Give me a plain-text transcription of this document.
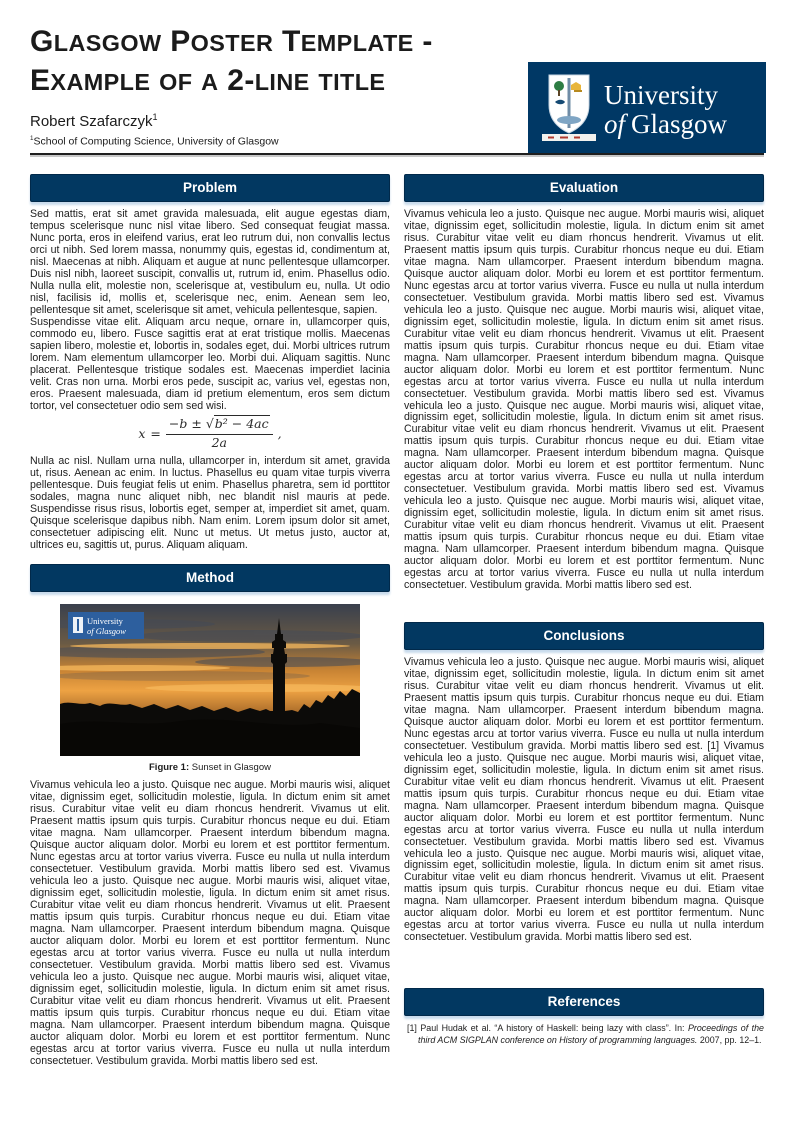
GLASGOW POSTER TEMPLATE -
EXAMPLE OF A 2-LINE TITLE
Robert Szafarczyk$^1$
$^1$School of Computing Science, University of Glasgow
University
of Glasgow
Problem

Sed mattis, erat sit amet gravida malesuada, elit augue egestas diam, tempus scelerisque nunc nisl vitae libero. Sed consequat feugiat massa. Nunc porta, eros in eleifend varius, erat leo rutrum dui, non convallis lectus orci ut nibh. Sed lorem massa, nonummy quis, egestas id, condimentum at, nisl. Maecenas at nibh. Aliquam et augue at nunc pellentesque ullamcorper. Duis nisl nibh, laoreet suscipit, convallis ut, rutrum id, enim. Phasellus odio. Nulla nulla elit, molestie non, scelerisque at, vestibulum eu, nulla. Ut odio nisl, facilisis id, mollis et, scelerisque nec, enim. Aenean sem leo, pellentesque sit amet, scelerisque sit amet, vehicula pellentesque, sapien.

Suspendisse vitae elit. Aliquam arcu neque, ornare in, ullamcorper quis, commodo eu, libero. Fusce sagittis erat at erat tristique mollis. Maecenas sapien libero, molestie et, lobortis in, sodales eget, dui. Morbi ultrices rutrum lorem. Nam elementum ullamcorper leo. Morbi dui. Aliquam sagittis. Nunc placerat. Pellentesque tristique sodales est. Maecenas imperdiet lacinia velit. Cras non urna. Morbi eros pede, suscipit ac, varius vel, egestas non, eros. Praesent malesuada, diam id pretium elementum, eros sem dictum tortor, vel consectetuer odio sem sed wisi.

$x = \frac{\text{−b ± √b² − 4ac}}{2a}$ ,

Nulla ac nisl. Nullam urna nulla, ullamcorper in, interdum sit amet, gravida ut, risus. Aenean ac enim. In luctus. Phasellus eu quam vitae turpis viverra pellentesque. Duis feugiat felis ut enim. Phasellus pharetra, sem id porttitor sodales, magna nunc aliquet nibh, nec blandit nisl mauris at pede. Suspendisse risus risus, lobortis eget, semper at, imperdiet sit amet, quam. Quisque scelerisque dapibus nibh. Nam enim. Lorem ipsum dolor sit amet, consectetuer adipiscing elit. Nunc ut metus. Ut metus justo, auctor at, ultrices eu, sagittis ut, purus. Aliquam aliquam.

Method
University
of Glasgow
Figure 1: Sunset in Glasgow

Vivamus vehicula leo a justo. Quisque nec augue. Morbi mauris wisi, aliquet vitae, dignissim eget, sollicitudin molestie, ligula. In dictum enim sit amet risus. Curabitur vitae velit eu diam rhoncus hendrerit. Vivamus ut elit. Praesent mattis ipsum quis turpis. Curabitur rhoncus neque eu dui. Etiam vitae magna. Nam ullamcorper. Praesent interdum bibendum magna. Quisque auctor aliquam dolor. Morbi eu lorem et est porttitor fermentum. Nunc egestas arcu at tortor varius viverra. Fusce eu nulla ut nulla interdum consectetuer. Vestibulum gravida. Morbi mattis libero sed est. Vivamus vehicula leo a justo. Quisque nec augue. Morbi mauris wisi, aliquet vitae, dignissim eget, sollicitudin molestie, ligula. In dictum enim sit amet risus. Curabitur vitae velit eu diam rhoncus hendrerit. Vivamus ut elit. Praesent mattis ipsum quis turpis. Curabitur rhoncus neque eu dui. Etiam vitae magna. Nam ullamcorper. Praesent interdum bibendum magna. Quisque auctor aliquam dolor. Morbi eu lorem et est porttitor fermentum. Nunc egestas arcu at tortor varius viverra. Fusce eu nulla ut nulla interdum consectetuer. Vestibulum gravida. Morbi mattis libero sed est. Vivamus vehicula leo a justo. Quisque nec augue. Morbi mauris wisi, aliquet vitae, dignissim eget, sollicitudin molestie, ligula. In dictum enim sit amet risus. Curabitur vitae velit eu diam rhoncus hendrerit. Vivamus ut elit. Praesent mattis ipsum quis turpis. Curabitur rhoncus neque eu dui. Etiam vitae magna. Nam ullamcorper. Praesent interdum bibendum magna. Quisque auctor aliquam dolor. Morbi eu lorem et est porttitor fermentum. Nunc egestas arcu at tortor varius viverra. Fusce eu nulla ut nulla interdum consectetuer. Vestibulum gravida. Morbi mattis libero sed est.

Evaluation

Vivamus vehicula leo a justo. Quisque nec augue. Morbi mauris wisi, aliquet vitae, dignissim eget, sollicitudin molestie, ligula. In dictum enim sit amet risus. Curabitur vitae velit eu diam rhoncus hendrerit. Vivamus ut elit. Praesent mattis ipsum quis turpis. Curabitur rhoncus neque eu dui. Etiam vitae magna. Nam ullamcorper. Praesent interdum bibendum magna. Quisque auctor aliquam dolor. Morbi eu lorem et est porttitor fermentum. Nunc egestas arcu at tortor varius viverra. Fusce eu nulla ut nulla interdum consectetuer. Vestibulum gravida. Morbi mattis libero sed est. Vivamus vehicula leo a justo. Quisque nec augue. Morbi mauris wisi, aliquet vitae, dignissim eget, sollicitudin molestie, ligula. In dictum enim sit amet risus. Curabitur vitae velit eu diam rhoncus hendrerit. Vivamus ut elit. Praesent mattis ipsum quis turpis. Curabitur rhoncus neque eu dui. Etiam vitae magna. Nam ullamcorper. Praesent interdum bibendum magna. Quisque auctor aliquam dolor. Morbi eu lorem et est porttitor fermentum. Nunc egestas arcu at tortor varius viverra. Fusce eu nulla ut nulla interdum consectetuer. Vestibulum gravida. Morbi mattis libero sed est. Vivamus vehicula leo a justo. Quisque nec augue. Morbi mauris wisi, aliquet vitae, dignissim eget, sollicitudin molestie, ligula. In dictum enim sit amet risus. Curabitur vitae velit eu diam rhoncus hendrerit. Vivamus ut elit. Praesent mattis ipsum quis turpis. Curabitur rhoncus neque eu dui. Etiam vitae magna. Nam ullamcorper. Praesent interdum bibendum magna. Quisque auctor aliquam dolor. Morbi eu lorem et est porttitor fermentum. Nunc egestas arcu at tortor varius viverra. Fusce eu nulla ut nulla interdum consectetuer. Vestibulum gravida. Morbi mattis libero sed est. Vivamus vehicula leo a justo. Quisque nec augue. Morbi mauris wisi, aliquet vitae, dignissim eget, sollicitudin molestie, ligula. In dictum enim sit amet risus. Curabitur vitae velit eu diam rhoncus hendrerit. Vivamus ut elit. Praesent mattis ipsum quis turpis. Curabitur rhoncus neque eu dui. Etiam vitae magna. Nam ullamcorper. Praesent interdum bibendum magna. Quisque auctor aliquam dolor. Morbi eu lorem et est porttitor fermentum. Nunc egestas arcu at tortor varius viverra. Fusce eu nulla ut nulla interdum consectetuer. Vestibulum gravida. Morbi mattis libero sed est.

Conclusions

Vivamus vehicula leo a justo. Quisque nec augue. Morbi mauris wisi, aliquet vitae, dignissim eget, sollicitudin molestie, ligula. In dictum enim sit amet risus. Curabitur vitae velit eu diam rhoncus hendrerit. Vivamus ut elit. Praesent mattis ipsum quis turpis. Curabitur rhoncus neque eu dui. Etiam vitae magna. Nam ullamcorper. Praesent interdum bibendum magna. Quisque auctor aliquam dolor. Morbi eu lorem et est porttitor fermentum. Nunc egestas arcu at tortor varius viverra. Fusce eu nulla ut nulla interdum consectetuer. Vestibulum gravida. Morbi mattis libero sed est. [1] Vivamus vehicula leo a justo. Quisque nec augue. Morbi mauris wisi, aliquet vitae, dignissim eget, sollicitudin molestie, ligula. In dictum enim sit amet risus. Curabitur vitae velit eu diam rhoncus hendrerit. Vivamus ut elit. Praesent mattis ipsum quis turpis. Curabitur rhoncus neque eu dui. Etiam vitae magna. Nam ullamcorper. Praesent interdum bibendum magna. Quisque auctor aliquam dolor. Morbi eu lorem et est porttitor fermentum. Nunc egestas arcu at tortor varius viverra. Fusce eu nulla ut nulla interdum consectetuer. Vestibulum gravida. Morbi mattis libero sed est. Vivamus vehicula leo a justo. Quisque nec augue. Morbi mauris wisi, aliquet vitae, dignissim eget, sollicitudin molestie, ligula. In dictum enim sit amet risus. Curabitur vitae velit eu diam rhoncus hendrerit. Vivamus ut elit. Praesent mattis ipsum quis turpis. Curabitur rhoncus neque eu dui. Etiam vitae magna. Nam ullamcorper. Praesent interdum bibendum magna. Quisque auctor aliquam dolor. Morbi eu lorem et est porttitor fermentum. Nunc egestas arcu at tortor varius viverra. Fusce eu nulla ut nulla interdum consectetuer. Vestibulum gravida. Morbi mattis libero sed est.

References

[1] Paul Hudak et al. “A history of Haskell: being lazy with class”. In: Proceedings of the third ACM SIGPLAN conference on History of programming languages. 2007, pp. 12–1.
